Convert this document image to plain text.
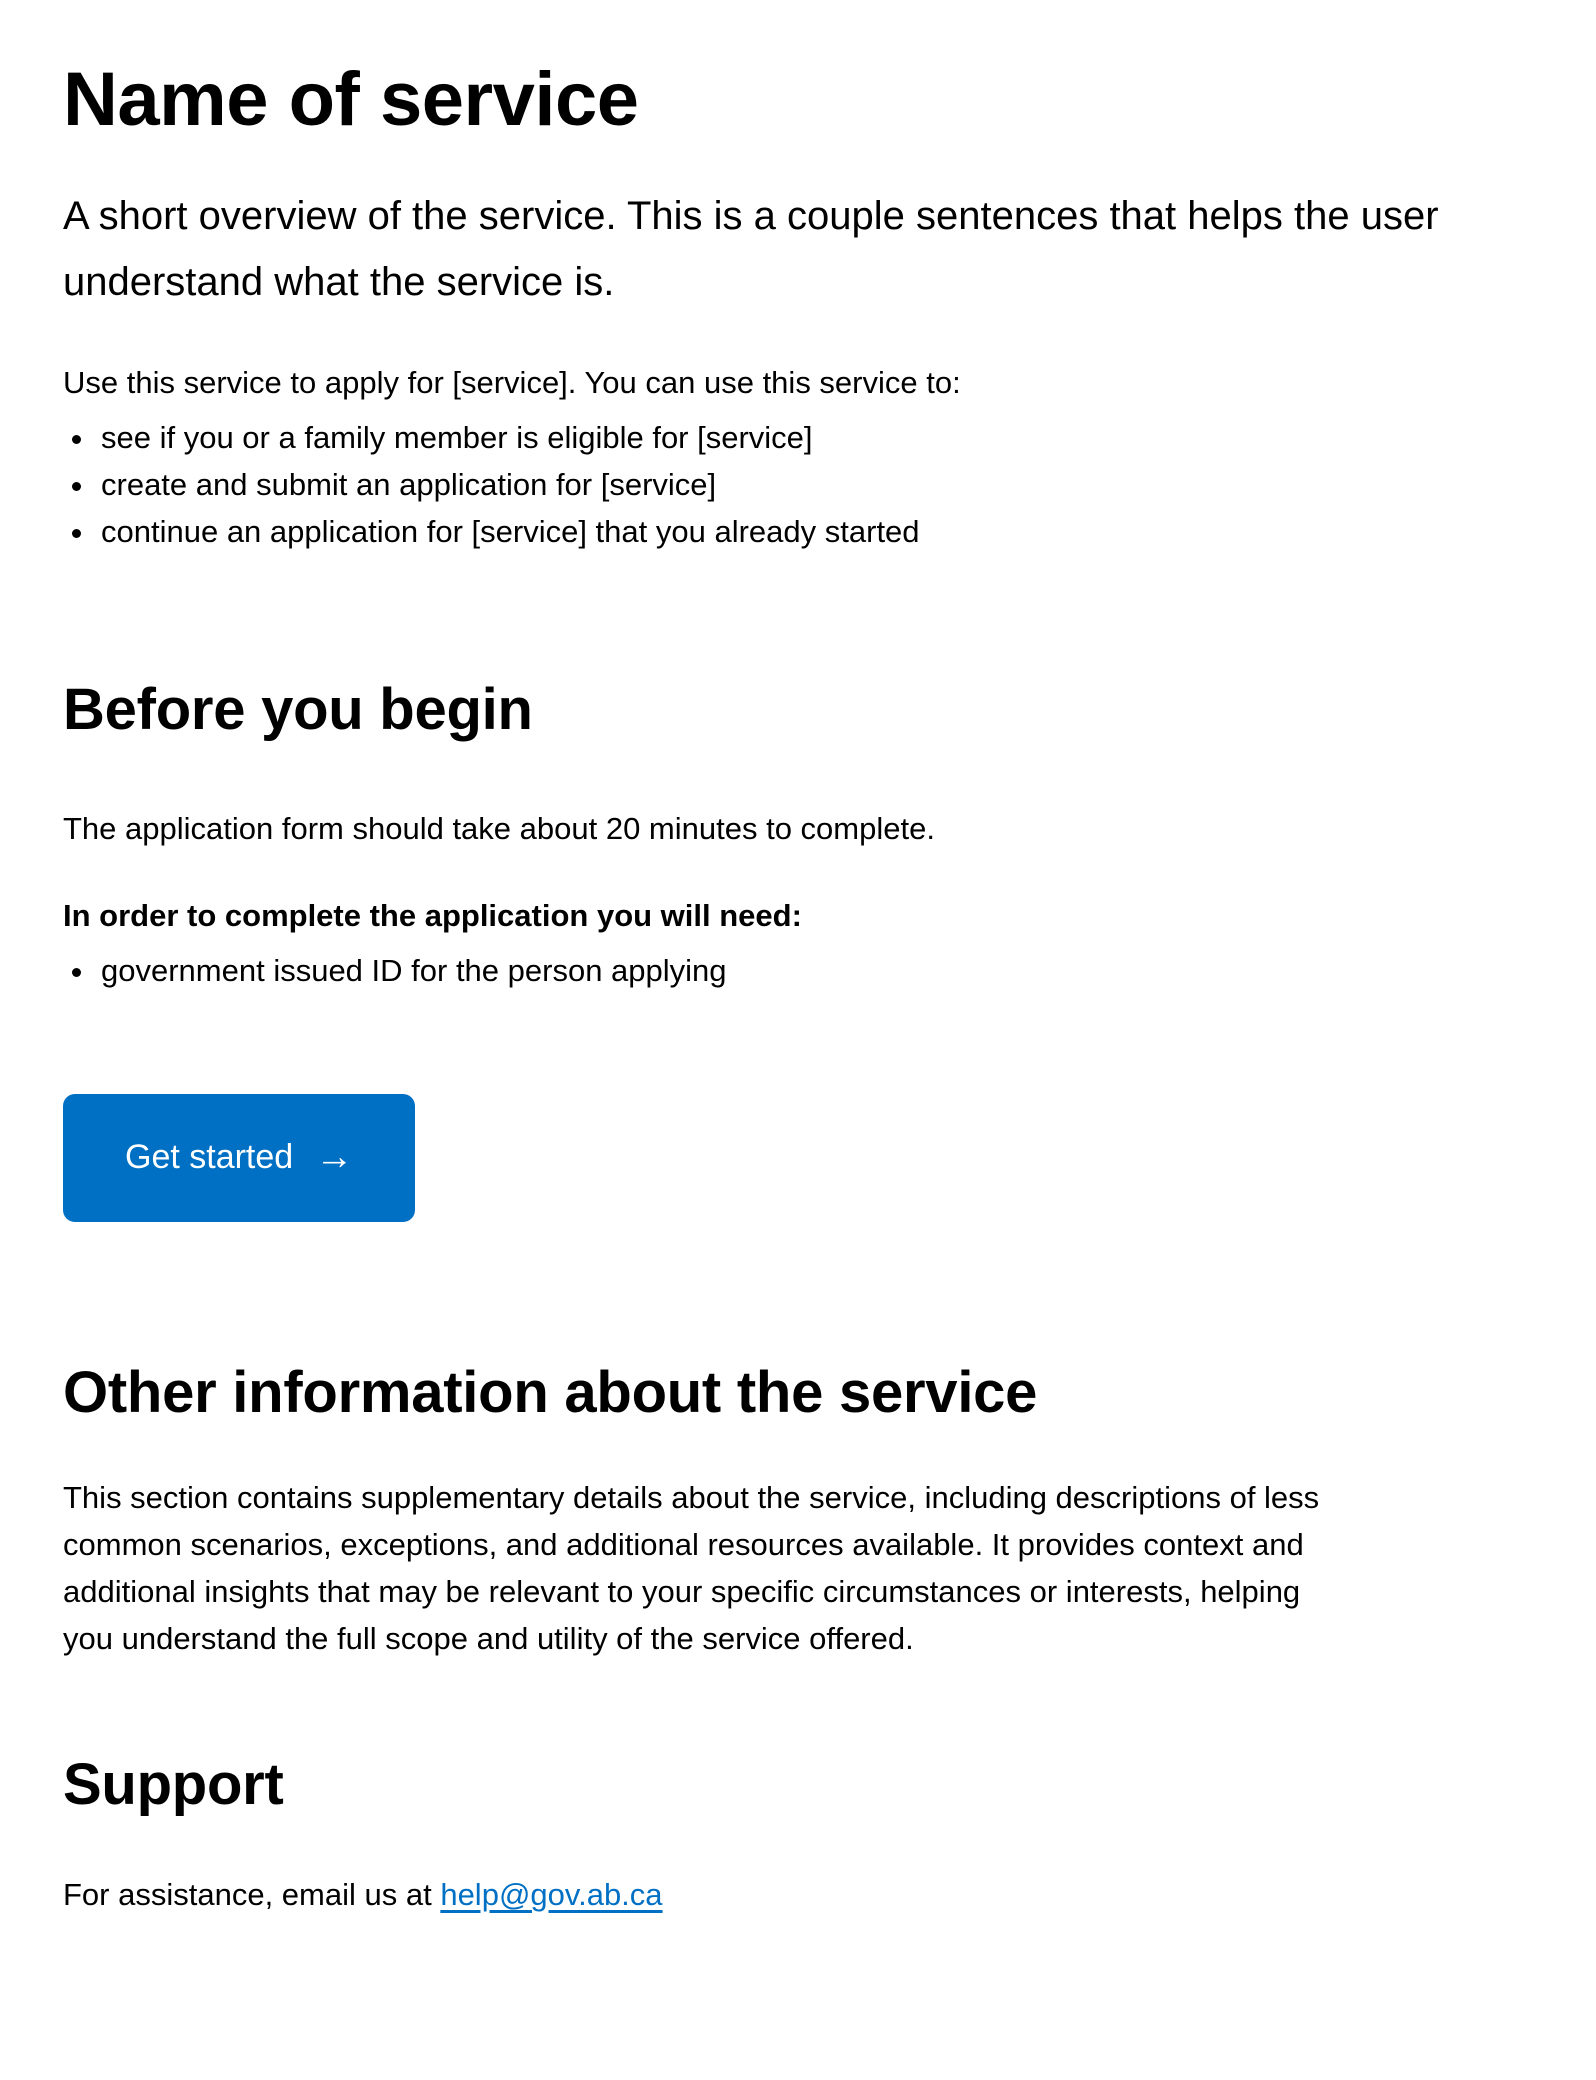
Name of service

A short overview of the service. This is a couple sentences that helps the user understand what the service is.

Use this service to apply for [service]. You can use this service to:

• see if you or a family member is eligible for [service]
• create and submit an application for [service]
• continue an application for [service] that you already started
Before you begin

The application form should take about 20 minutes to complete.

In order to complete the application you will need:

• government issued ID for the person applying
Get started →
Other information about the service

This section contains supplementary details about the service, including descriptions of less common scenarios, exceptions, and additional resources available. It provides context and additional insights that may be relevant to your specific circumstances or interests, helping you understand the full scope and utility of the service offered.

Support

For assistance, email us at help@gov.ab.ca
